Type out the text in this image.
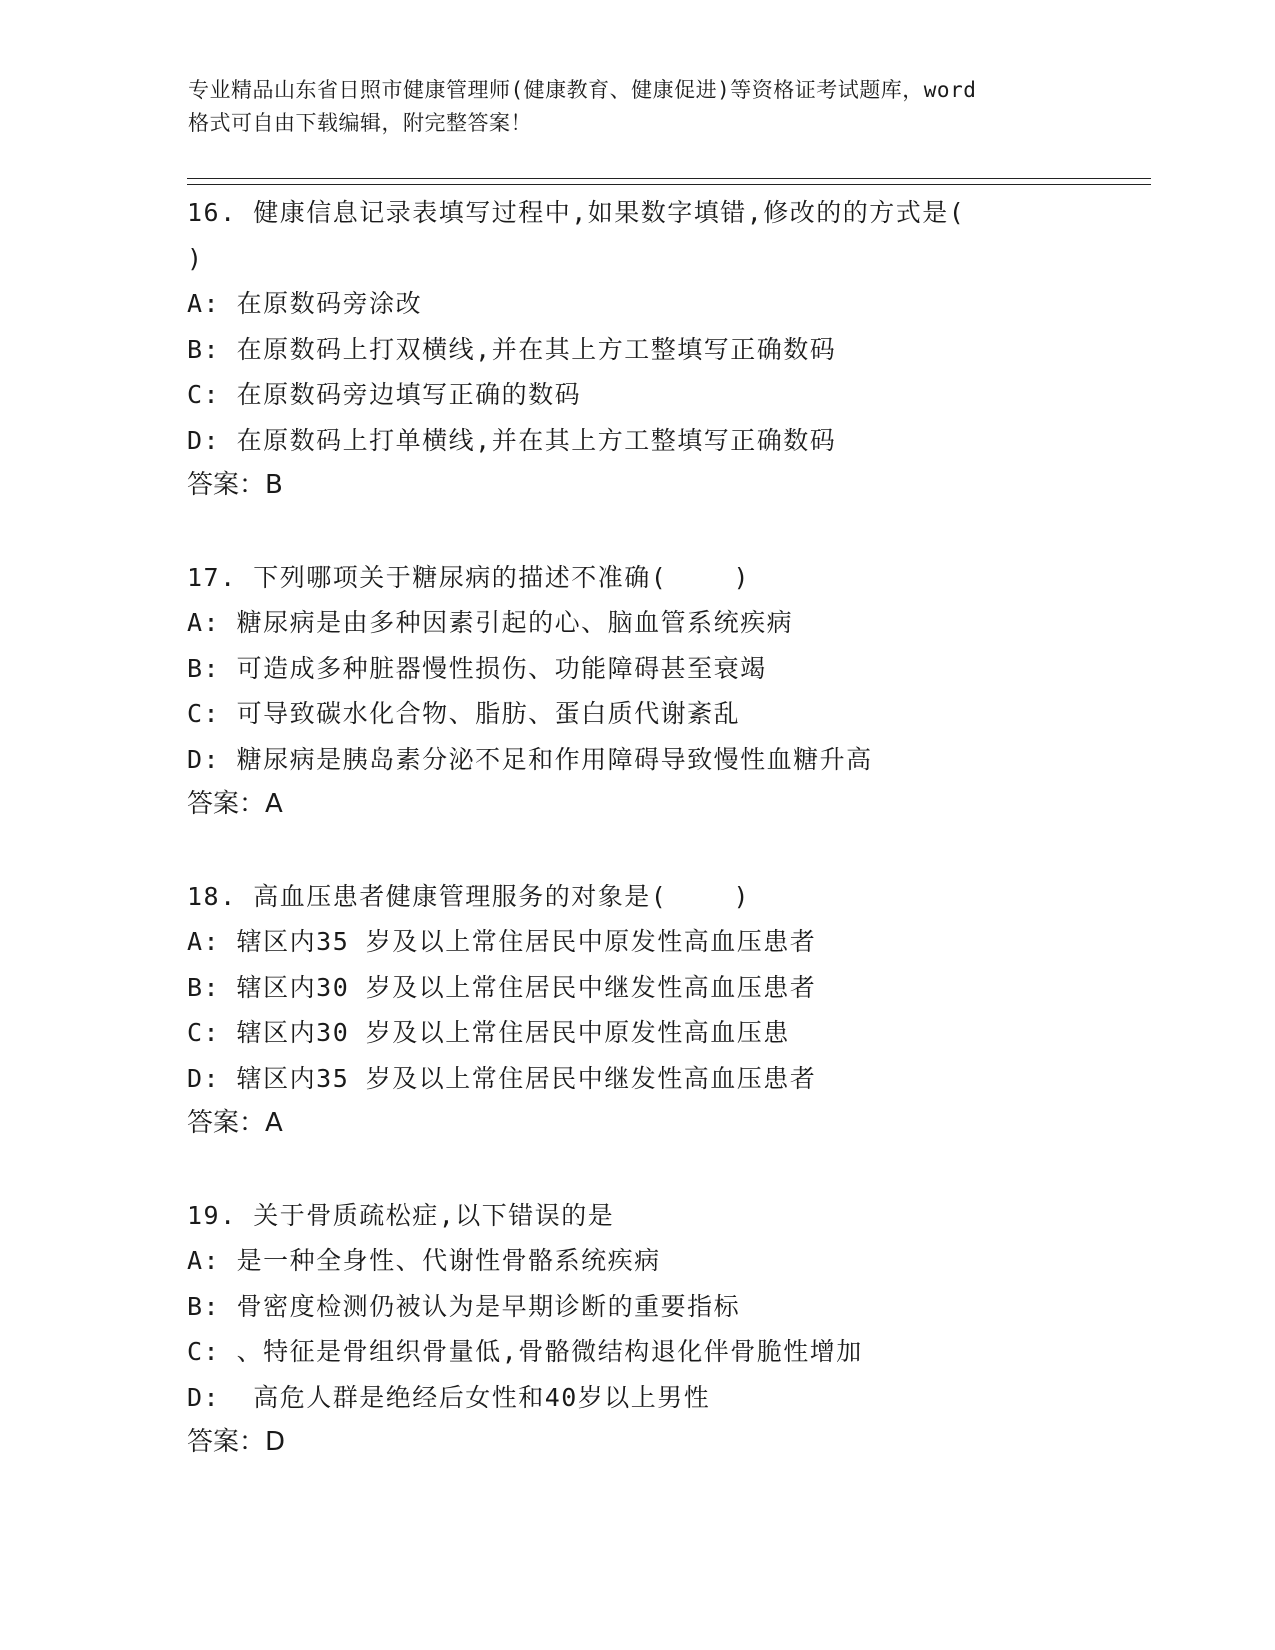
专业精品山东省日照市健康管理师(健康教育、健康促进)等资格证考试题库，word
格式可自由下载编辑，附完整答案！
16. 健康信息记录表填写过程中,如果数字填错,修改的的方式是(
)
A: 在原数码旁涂改
B: 在原数码上打双横线,并在其上方工整填写正确数码
C: 在原数码旁边填写正确的数码
D: 在原数码上打单横线,并在其上方工整填写正确数码
答案：B
17. 下列哪项关于糖尿病的描述不准确(    )
A: 糖尿病是由多种因素引起的心、脑血管系统疾病
B: 可造成多种脏器慢性损伤、功能障碍甚至衰竭
C: 可导致碳水化合物、脂肪、蛋白质代谢紊乱
D: 糖尿病是胰岛素分泌不足和作用障碍导致慢性血糖升高
答案：A
18. 高血压患者健康管理服务的对象是(    )
A: 辖区内35 岁及以上常住居民中原发性高血压患者
B: 辖区内30 岁及以上常住居民中继发性高血压患者
C: 辖区内30 岁及以上常住居民中原发性高血压患
D: 辖区内35 岁及以上常住居民中继发性高血压患者
答案：A
19. 关于骨质疏松症,以下错误的是
A: 是一种全身性、代谢性骨骼系统疾病
B: 骨密度检测仍被认为是早期诊断的重要指标
C: 、特征是骨组织骨量低,骨骼微结构退化伴骨脆性增加
D:  高危人群是绝经后女性和40岁以上男性
答案：D
